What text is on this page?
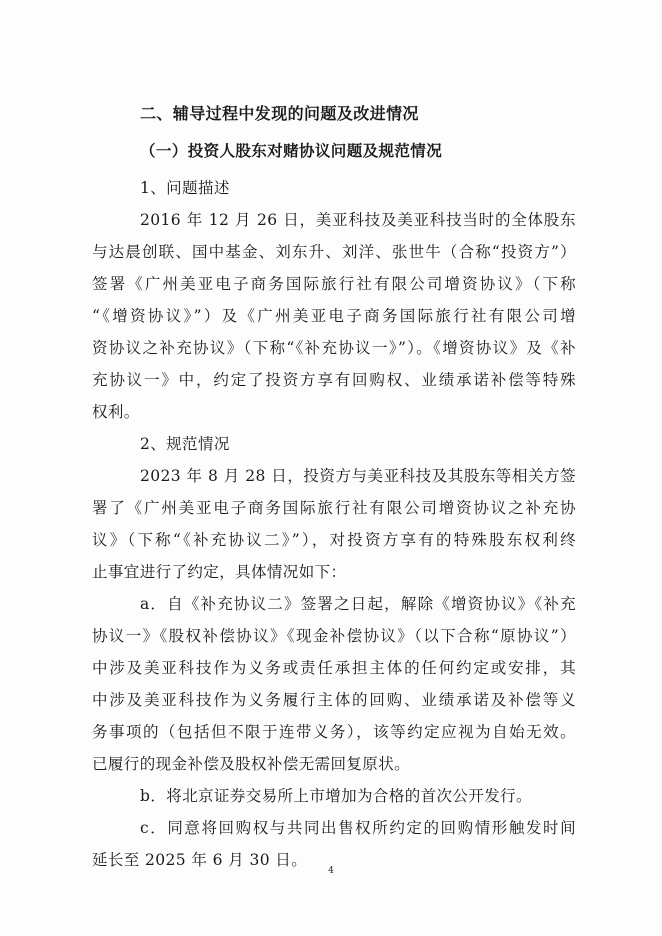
二、辅导过程中发现的问题及改进情况
（一）投资人股东对赌协议问题及规范情况
1、问题描述
2016 年 12 月 26 日，美亚科技及美亚科技当时的全体股东
与达晨创联、国中基金、刘东升、刘洋、张世牛（合称“投资方”）
签署《广州美亚电子商务国际旅行社有限公司增资协议》（下称
“《增资协议》”）及《广州美亚电子商务国际旅行社有限公司增
资协议之补充协议》（下称“《补充协议一》”）。《增资协议》及《补
充协议一》中，约定了投资方享有回购权、业绩承诺补偿等特殊
权利。
2、规范情况
2023 年 8 月 28 日，投资方与美亚科技及其股东等相关方签
署了《广州美亚电子商务国际旅行社有限公司增资协议之补充协
议》（下称“《补充协议二》”），对投资方享有的特殊股东权利终
止事宜进行了约定，具体情况如下：
a．自《补充协议二》签署之日起，解除《增资协议》《补充
协议一》《股权补偿协议》《现金补偿协议》（以下合称“原协议”）
中涉及美亚科技作为义务或责任承担主体的任何约定或安排，其
中涉及美亚科技作为义务履行主体的回购、业绩承诺及补偿等义
务事项的（包括但不限于连带义务），该等约定应视为自始无效。
已履行的现金补偿及股权补偿无需回复原状。
b．将北京证券交易所上市增加为合格的首次公开发行。
c．同意将回购权与共同出售权所约定的回购情形触发时间
延长至 2025 年 6 月 30 日。
4
